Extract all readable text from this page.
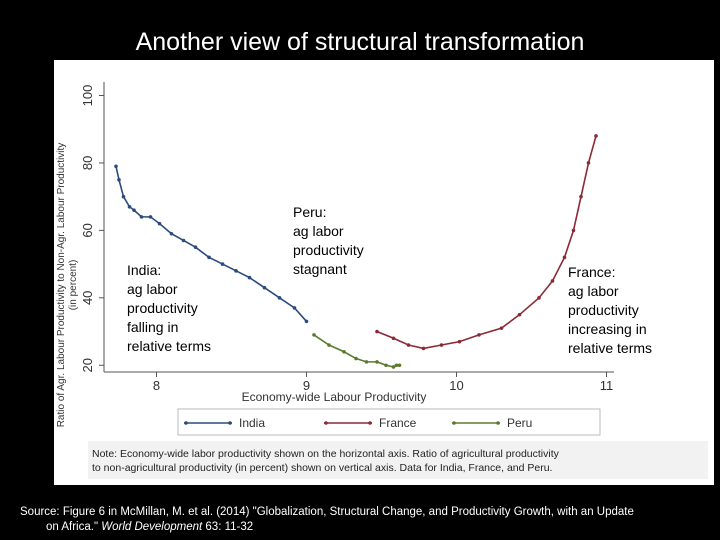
Another view of structural transformation
Ratio of Agr. Labour Productivity to Non-Agr. Labour Productivity (in percent)
20
40
60
80
100
8	9	10	11
Economy-wide Labour Productivity
India:
ag labor
productivity
falling in
relative terms
Peru:
ag labor
productivity
stagnant	France:
ag labor
productivity
increasing in
relative terms
India	France	Peru
Note: Economy-wide labor productivity shown on the horizontal axis. Ratio of agricultural productivity
to non-agricultural productivity (in percent) shown on vertical axis. Data for India, France, and Peru.
Source: Figure 6 in McMillan, M. et al. (2014) "Globalization, Structural Change, and Productivity Growth, with an Update
on Africa." World Development 63: 11-32
